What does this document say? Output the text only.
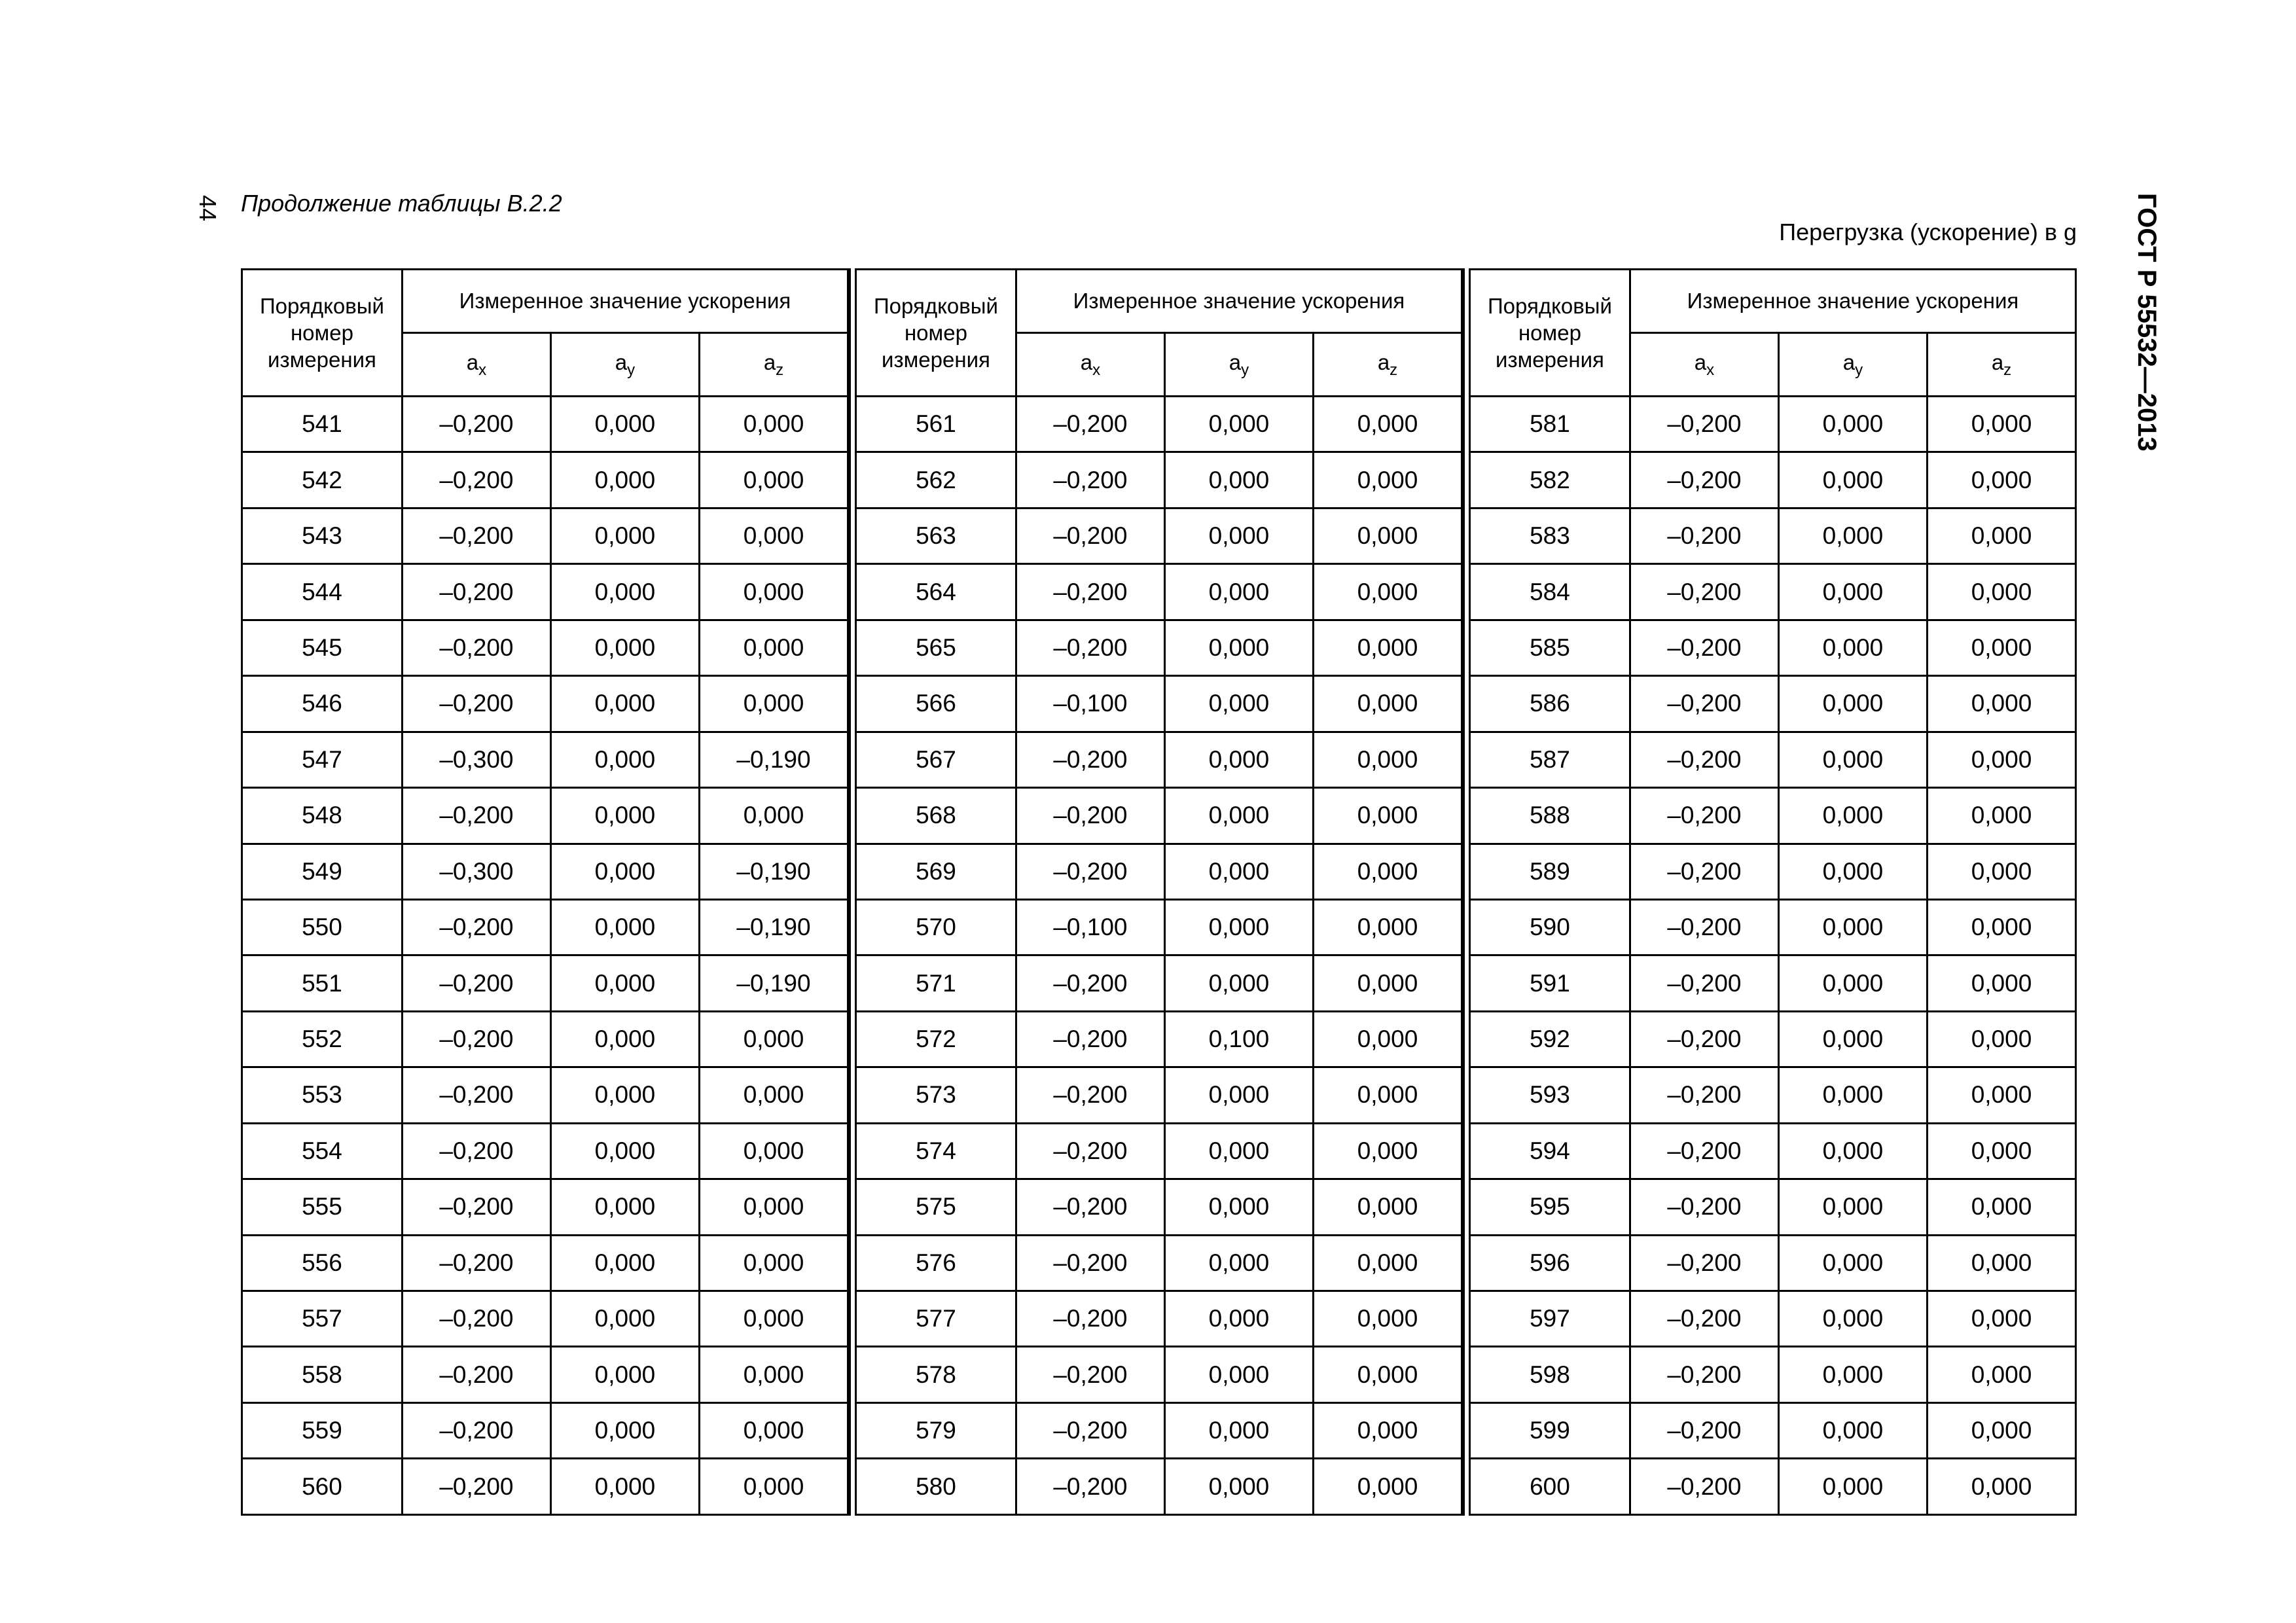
44 Продолжение таблицы В.2.2
Перегрузка (ускорение) в g ГОСТ Р 55532—2013
Порядковый номер измерения	Измеренное значение ускорения		
	$a_x$	$a_y$	$a_z$
541	–0,200	0,000	0,000
542	–0,200	0,000	0,000
543	–0,200	0,000	0,000
544	–0,200	0,000	0,000
545	–0,200	0,000	0,000
546	–0,200	0,000	0,000
547	–0,300	0,000	–0,190
548	–0,200	0,000	0,000
549	–0,300	0,000	–0,190
550	–0,200	0,000	–0,190
551	–0,200	0,000	–0,190
552	–0,200	0,000	0,000
553	–0,200	0,000	0,000
554	–0,200	0,000	0,000
555	–0,200	0,000	0,000
556	–0,200	0,000	0,000
557	–0,200	0,000	0,000
558	–0,200	0,000	0,000
559	–0,200	0,000	0,000
560	–0,200	0,000	0,000
Порядковый номер измерения	Измеренное значение ускорения		
	$a_x$	$a_y$	$a_z$
561	–0,200	0,000	0,000
562	–0,200	0,000	0,000
563	–0,200	0,000	0,000
564	–0,200	0,000	0,000
565	–0,200	0,000	0,000
566	–0,100	0,000	0,000
567	–0,200	0,000	0,000
568	–0,200	0,000	0,000
569	–0,200	0,000	0,000
570	–0,100	0,000	0,000
571	–0,200	0,000	0,000
572	–0,200	0,100	0,000
573	–0,200	0,000	0,000
574	–0,200	0,000	0,000
575	–0,200	0,000	0,000
576	–0,200	0,000	0,000
577	–0,200	0,000	0,000
578	–0,200	0,000	0,000
579	–0,200	0,000	0,000
580	–0,200	0,000	0,000
Порядковый номер измерения	Измеренное значение ускорения		
	$a_x$	$a_y$	$a_z$
581	–0,200	0,000	0,000
582	–0,200	0,000	0,000
583	–0,200	0,000	0,000
584	–0,200	0,000	0,000
585	–0,200	0,000	0,000
586	–0,200	0,000	0,000
587	–0,200	0,000	0,000
588	–0,200	0,000	0,000
589	–0,200	0,000	0,000
590	–0,200	0,000	0,000
591	–0,200	0,000	0,000
592	–0,200	0,000	0,000
593	–0,200	0,000	0,000
594	–0,200	0,000	0,000
595	–0,200	0,000	0,000
596	–0,200	0,000	0,000
597	–0,200	0,000	0,000
598	–0,200	0,000	0,000
599	–0,200	0,000	0,000
600	–0,200	0,000	0,000
